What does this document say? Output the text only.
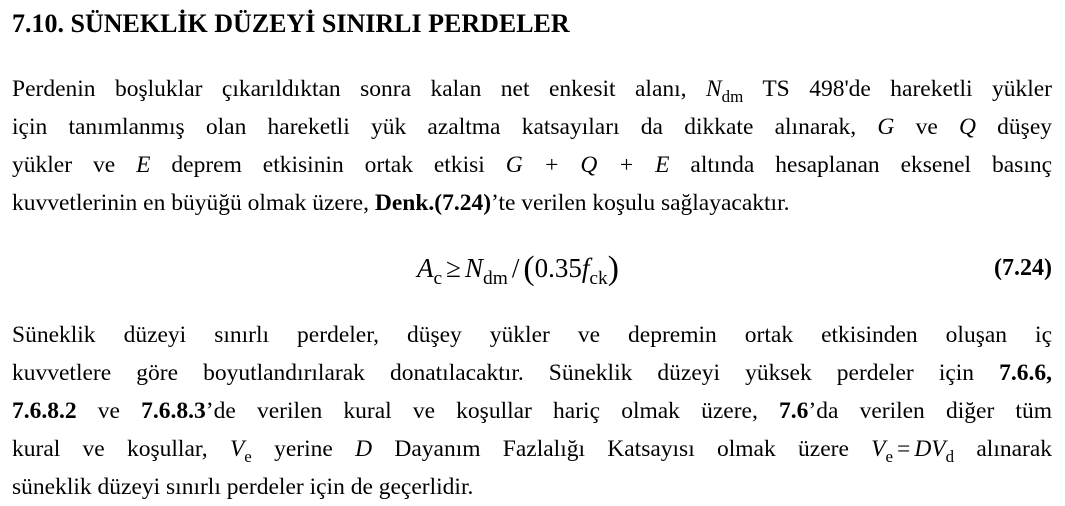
7.10. SÜNEKLİK DÜZEYİ SINIRLI PERDELER
Perdenin boşluklar çıkarıldıktan sonra kalan net enkesit alanı, $N_{dm}$ TS 498'de hareketli yükler
için tanımlanmış olan hareketli yük azaltma katsayıları da dikkate alınarak, G ve Q düşey
yükler ve E deprem etkisinin ortak etkisi G + Q + E altında hesaplanan eksenel basınç
kuvvetlerinin en büyüğü olmak üzere, Denk.(7.24)’te verilen koşulu sağlayacaktır.
$A_c \ge N_{dm} / (0.35f_{ck})$	(7.24)
Süneklik düzeyi sınırlı perdeler, düşey yükler ve depremin ortak etkisinden oluşan iç
kuvvetlere göre boyutlandırılarak donatılacaktır. Süneklik düzeyi yüksek perdeler için 7.6.6,
7.6.8.2 ve 7.6.8.3’de verilen kural ve koşullar hariç olmak üzere, 7.6’da verilen diğer tüm
kural ve koşullar, $V_e$ yerine D Dayanım Fazlalığı Katsayısı olmak üzere $V_e = DV_d$ alınarak
süneklik düzeyi sınırlı perdeler için de geçerlidir.
